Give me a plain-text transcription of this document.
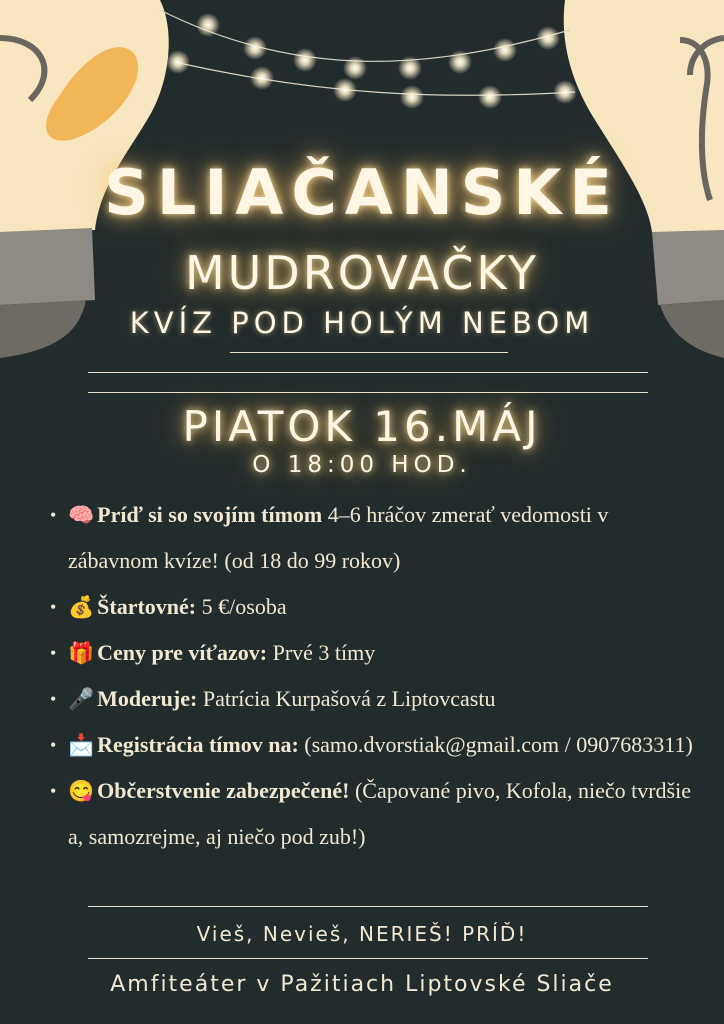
SLIAČANSKÉ
MUDROVAČKY
KVÍZ POD HOLÝM NEBOM
PIATOK 16.MÁJ
O 18:00 HOD.
• 🧠 Príď si so svojím tímom 4–6 hráčov zmerať vedomosti v zábavnom kvíze! (od 18 do 99 rokov)
• 💰 Štartovné: 5 €/osoba
• 🎁 Ceny pre víťazov: Prvé 3 tímy
• 🎤 Moderuje: Patrícia Kurpašová z Liptovcastu
• 📩 Registrácia tímov na: (samo.dvorstiak@gmail.com / 0907683311)
• 😋 Občerstvenie zabezpečené! (Čapované pivo, Kofola, niečo tvrdšie a, samozrejme, aj niečo pod zub!)
Vieš, Nevieš, NERIEŠ! PRÍĎ!
Amfiteáter v Pažitiach Liptovské Sliače
